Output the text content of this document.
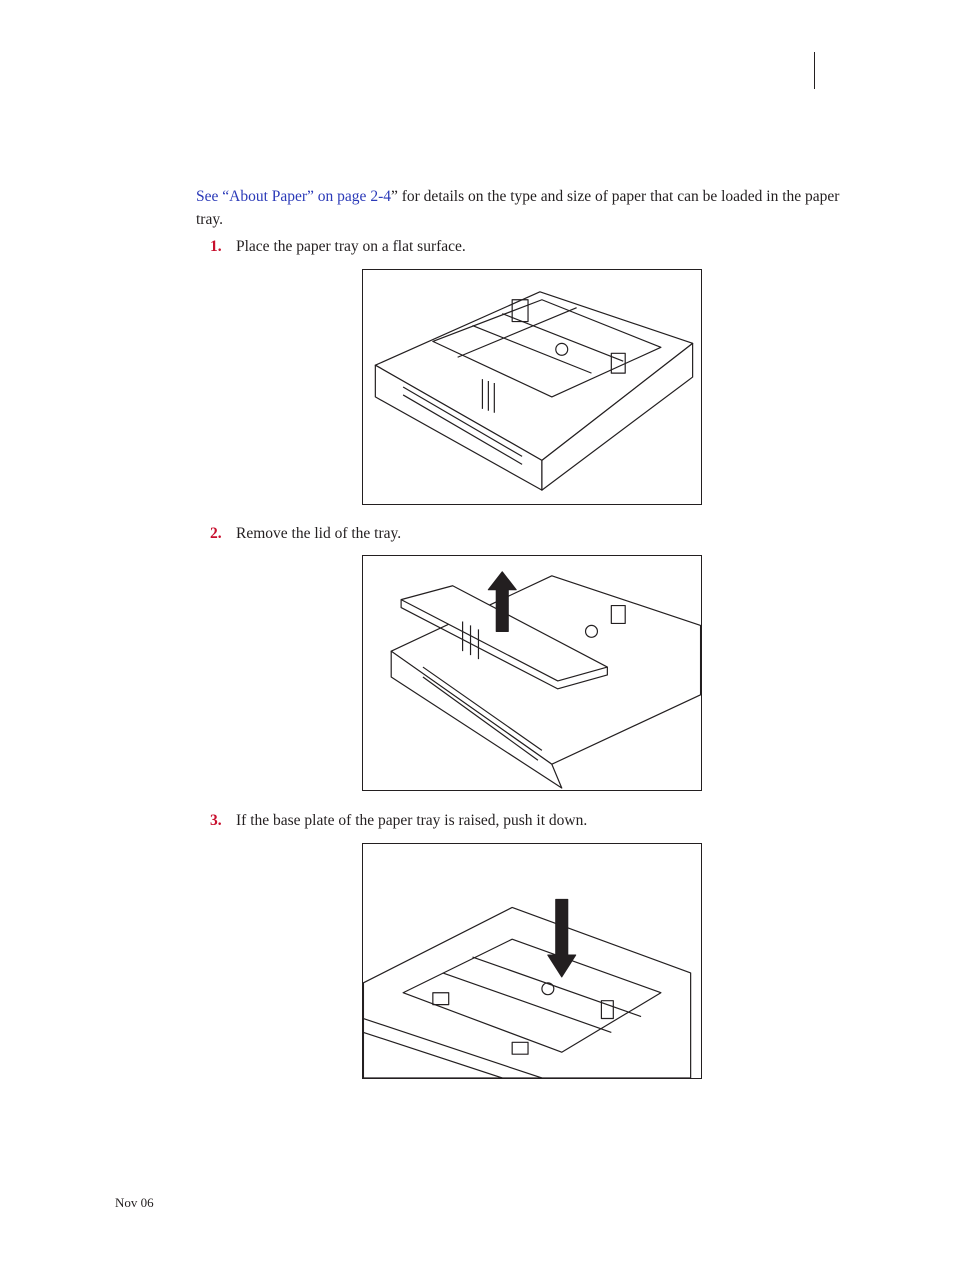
See “About Paper” on page 2-4” for details on the type and size of paper that can be loaded in the paper tray.

1. Place the paper tray on a flat surface.
2. Remove the lid of the tray.
3. If the base plate of the paper tray is raised, push it down.
Nov 06
